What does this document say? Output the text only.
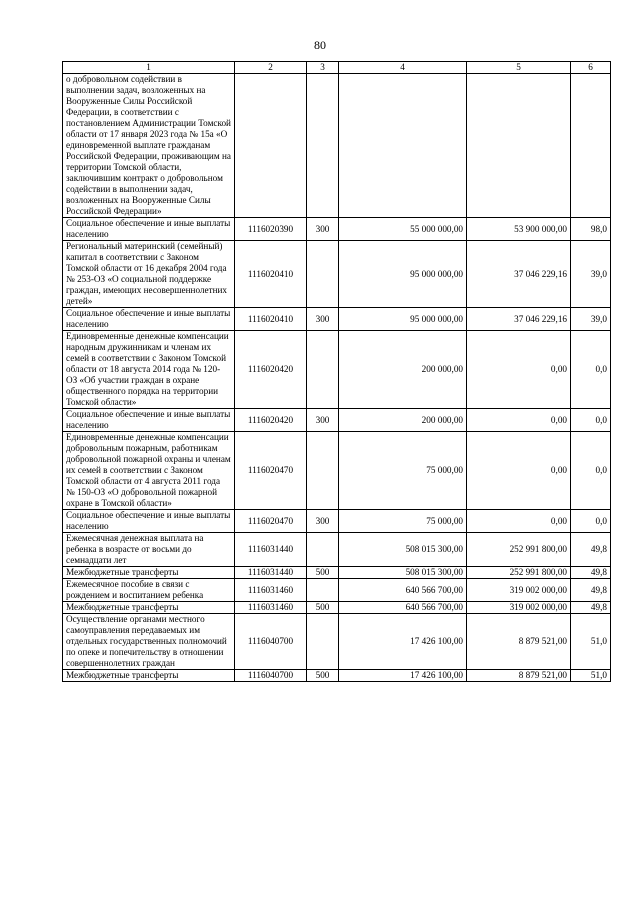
80
1	2	3	4	5	6
о добровольном содействии в выполнении задач, возложенных на Вооруженные Силы Российской Федерации, в соответствии с постановлением Администрации Томской области от 17 января 2023 года № 15а «О единовременной выплате гражданам Российской Федерации, проживающим на территории Томской области, заключившим контракт о добровольном содействии в выполнении задач, возложенных на Вооруженные Силы Российской Федерации»					
Социальное обеспечение и иные выплаты населению	1116020390	300	55 000 000,00	53 900 000,00	98,0
Региональный материнский (семейный) капитал в соответствии с Законом Томской области от 16 декабря 2004 года № 253-ОЗ «О социальной поддержке граждан, имеющих несовершеннолетних детей»	1116020410		95 000 000,00	37 046 229,16	39,0
Социальное обеспечение и иные выплаты населению	1116020410	300	95 000 000,00	37 046 229,16	39,0
Единовременные денежные компенсации народным дружинникам и членам их семей в соответствии с Законом Томской области от 18 августа 2014 года № 120-ОЗ «Об участии граждан в охране общественного порядка на территории Томской области»	1116020420		200 000,00	0,00	0,0
Социальное обеспечение и иные выплаты населению	1116020420	300	200 000,00	0,00	0,0
Единовременные денежные компенсации добровольным пожарным, работникам добровольной пожарной охраны и членам их семей в соответствии с Законом Томской области от 4 августа 2011 года № 150-ОЗ «О добровольной пожарной охране в Томской области»	1116020470		75 000,00	0,00	0,0
Социальное обеспечение и иные выплаты населению	1116020470	300	75 000,00	0,00	0,0
Ежемесячная денежная выплата на ребенка в возрасте от восьми до семнадцати лет	1116031440		508 015 300,00	252 991 800,00	49,8
Межбюджетные трансферты	1116031440	500	508 015 300,00	252 991 800,00	49,8
Ежемесячное пособие в связи с рождением и воспитанием ребенка	1116031460		640 566 700,00	319 002 000,00	49,8
Межбюджетные трансферты	1116031460	500	640 566 700,00	319 002 000,00	49,8
Осуществление органами местного самоуправления передаваемых им отдельных государственных полномочий по опеке и попечительству в отношении совершеннолетних граждан	1116040700		17 426 100,00	8 879 521,00	51,0
Межбюджетные трансферты	1116040700	500	17 426 100,00	8 879 521,00	51,0
